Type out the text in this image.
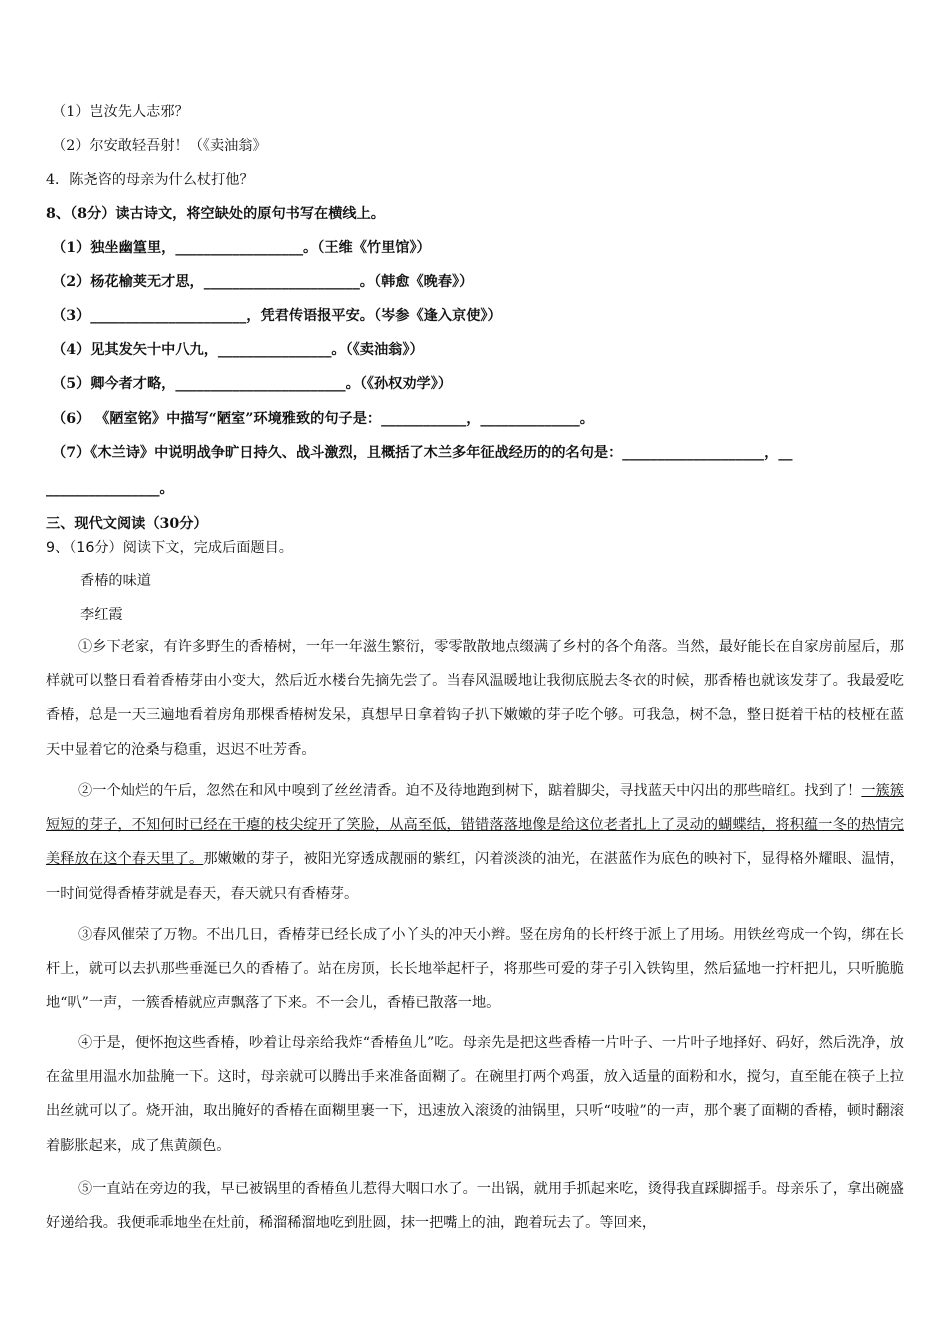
（1）岂汝先人志邪？
（2）尔安敢轻吾射！（《卖油翁》
4．陈尧咨的母亲为什么杖打他？
8、（8分）读古诗文，将空缺处的原句书写在横线上。
（1）独坐幽篁里，__________________。（王维《竹里馆》）
（2）杨花榆荚无才思，______________________。（韩愈《晚春》）
（3）______________________，凭君传语报平安。（岑参《逢入京使》）
（4）见其发矢十中八九，________________。（《卖油翁》）
（5）卿今者才略，________________________。（《孙权劝学》）
（6） 《陋室铭》中描写“陋室”环境雅致的句子是：____________，______________。
（7）《木兰诗》中说明战争旷日持久、战斗激烈，且概括了木兰多年征战经历的的名句是：____________________，__
________________。
三、现代文阅读（30分）
9、（16分）阅读下文，完成后面题目。
香椿的味道
李红霞

①乡下老家，有许多野生的香椿树，一年一年滋生繁衍，零零散散地点缀满了乡村的各个角落。当然，最好能长在自家房前屋后，那样就可以整日看着香椿芽由小变大，然后近水楼台先摘先尝了。当春风温暖地让我彻底脱去冬衣的时候，那香椿也就该发芽了。我最爱吃香椿，总是一天三遍地看着房角那棵香椿树发呆，真想早日拿着钩子扒下嫩嫩的芽子吃个够。可我急，树不急，整日挺着干枯的枝桠在蓝天中显着它的沧桑与稳重，迟迟不吐芳香。

②一个灿烂的午后，忽然在和风中嗅到了丝丝清香。迫不及待地跑到树下，踮着脚尖，寻找蓝天中闪出的那些暗红。找到了！一簇簇短短的芽子，不知何时已经在干瘪的枝尖绽开了笑脸，从高至低，错错落落地像是给这位老者扎上了灵动的蝴蝶结，将积蕴一冬的热情完美释放在这个春天里了。那嫩嫩的芽子，被阳光穿透成靓丽的紫红，闪着淡淡的油光，在湛蓝作为底色的映衬下，显得格外耀眼、温情，一时间觉得香椿芽就是春天，春天就只有香椿芽。

③春风催荣了万物。不出几日，香椿芽已经长成了小丫头的冲天小辫。竖在房角的长杆终于派上了用场。用铁丝弯成一个钩，绑在长杆上，就可以去扒那些垂涎已久的香椿了。站在房顶，长长地举起杆子，将那些可爱的芽子引入铁钩里，然后猛地一拧杆把儿，只听脆脆地“叭”一声，一簇香椿就应声飘落了下来。不一会儿，香椿已散落一地。

④于是，便怀抱这些香椿，吵着让母亲给我炸“香椿鱼儿”吃。母亲先是把这些香椿一片叶子、一片叶子地择好、码好，然后洗净，放在盆里用温水加盐腌一下。这时，母亲就可以腾出手来准备面糊了。在碗里打两个鸡蛋，放入适量的面粉和水，搅匀，直至能在筷子上拉出丝就可以了。烧开油，取出腌好的香椿在面糊里裹一下，迅速放入滚烫的油锅里，只听“吱啦”的一声，那个裹了面糊的香椿，顿时翻滚着膨胀起来，成了焦黄颜色。

⑤一直站在旁边的我，早已被锅里的香椿鱼儿惹得大咽口水了。一出锅，就用手抓起来吃，烫得我直踩脚摇手。母亲乐了，拿出碗盛好递给我。我便乖乖地坐在灶前，稀溜稀溜地吃到肚圆，抹一把嘴上的油，跑着玩去了。等回来，
